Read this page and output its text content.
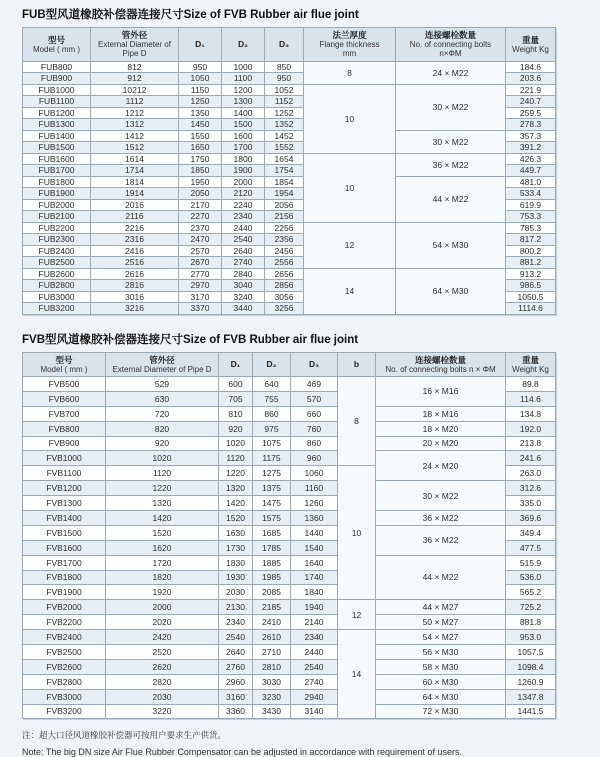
FUB型风道橡胶补偿器连接尺寸Size of FVB Rubber air flue joint

型号
Model ( mm )

管外径
External Diameter of
Pipe D

D₁	D₂	D₃

法兰厚度
Flange thickness
mm

连接螺栓数量
No. of connecting bolts
n×ΦM

重量
Weight Kg

FUB800	812	950	1000	850	8	24 × M22	184.6
FUB900	912	1050	1100	950			203.6
FUB1000	10212	1150	1200	1052	10	30 × M22	221.9
FUB1100	1112	1250	1300	1152			240.7
FUB1200	1212	1350	1400	1252			259.5
FUB1300	1312	1450	1500	1352			278.3
FUB1400	1412	1550	1600	1452		30 × M22	357.3
FUB1500	1512	1650	1700	1552			391.2
FUB1600	1614	1750	1800	1654	10	36 × M22	426.3
FUB1700	1714	1850	1900	1754			449.7
FUB1800	1814	1950	2000	1854		44 × M22	481.0
FUB1900	1914	2050	2120	1954			533.4
FUB2000	2016	2170	2240	2056			619.9
FUB2100	2116	2270	2340	2156			753.3
FUB2200	2216	2370	2440	2256	12	54 × M30	785.3
FUB2300	2316	2470	2540	2356			817.2
FUB2400	2416	2570	2640	2456			800.2
FUB2500	2516	2670	2740	2556			881.2
FUB2600	2616	2770	2840	2656	14	64 × M30	913.2
FUB2800	2816	2970	3040	2856			986.5
FUB3000	3016	3170	3240	3056			1050.5
FUB3200	3216	3370	3440	3256			1114.6

FVB型风道橡胶补偿器连接尺寸Size of FVB Rubber air flue joint

型号
Model ( mm )

管外径
External Diameter of Pipe D

D₁	D₂	D₃	b	连接螺栓数量
No. of connecting bolts n × ΦM

重量
Weight Kg

FVB500	529	600	640	469	8	16 × M16	89.8
FVB600	630	705	755	570			114.6
FVB700	720	810	860	660		18 × M16	134.8
FVB800	820	920	975	760		18 × M20	192.0
FVB900	920	1020	1075	860		20 × M20	213.8
FVB1000	1020	1120	1175	960		24 × M20	241.6
FVB1100	1120	1220	1275	1060	10		263.0
FVB1200	1220	1320	1375	1160		30 × M22	312.6
FVB1300	1320	1420	1475	1260			335.0
FVB1400	1420	1520	1575	1360		36 × M22	369.6
FVB1500	1520	1630	1685	1440		36 × M22	349.4
FVB1600	1620	1730	1785	1540			477.5
FVB1700	1720	1830	1885	1640		44 × M22	515.9
FVB1800	1820	1930	1985	1740			536.0
FVB1900	1920	2030	2085	1840			565.2
FVB2000	2000	2130	2185	1940	12	44 × M27	725.2
FVB2200	2020	2340	2410	2140		50 × M27	881.8
FVB2400	2420	2540	2610	2340	14	54 × M27	953.0
FVB2500	2520	2640	2710	2440		56 × M30	1057.5
FVB2600	2620	2760	2810	2540		58 × M30	1098.4
FVB2800	2820	2960	3030	2740		60 × M30	1260.9
FVB3000	2030	3160	3230	2940		64 × M30	1347.8
FVB3200	3220	3360	3430	3140		72 × M30	1441.5

注：超大口径风道橡胶补偿器可按用户要求生产供货。

Note: The big DN size Air Flue Rubber Compensator can be adjusted in accordance with requirement of users.
